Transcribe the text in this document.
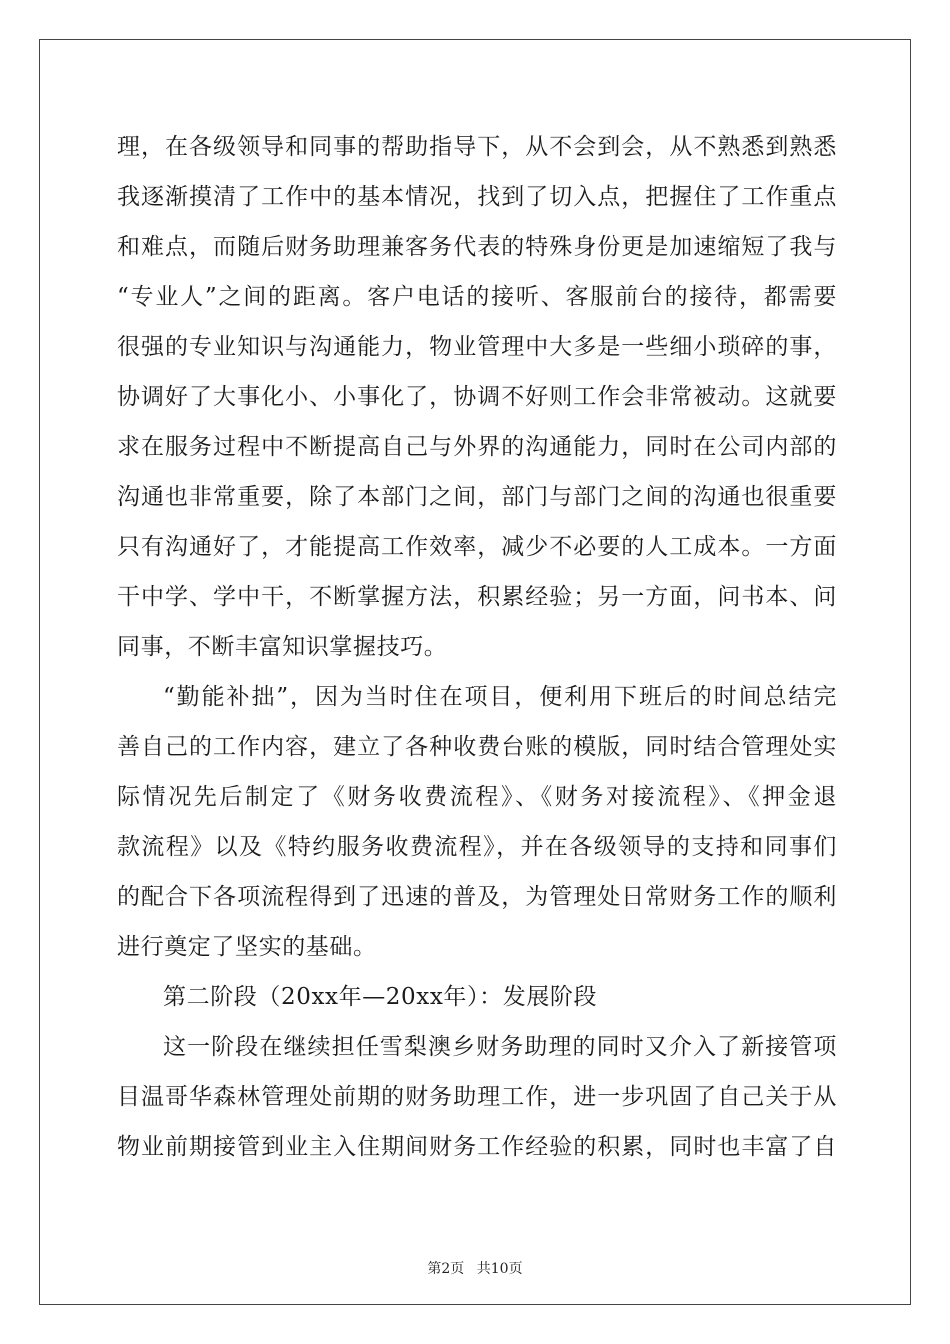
理，在各级领导和同事的帮助指导下，从不会到会，从不熟悉到熟悉
我逐渐摸清了工作中的基本情况，找到了切入点，把握住了工作重点
和难点，而随后财务助理兼客务代表的特殊身份更是加速缩短了我与
“专业人”之间的距离。客户电话的接听、客服前台的接待，都需要
很强的专业知识与沟通能力，物业管理中大多是一些细小琐碎的事，
协调好了大事化小、小事化了，协调不好则工作会非常被动。这就要
求在服务过程中不断提高自己与外界的沟通能力，同时在公司内部的
沟通也非常重要，除了本部门之间，部门与部门之间的沟通也很重要
只有沟通好了，才能提高工作效率，减少不必要的人工成本。一方面
干中学、学中干，不断掌握方法，积累经验；另一方面，问书本、问
同事，不断丰富知识掌握技巧。
“勤能补拙”，因为当时住在项目，便利用下班后的时间总结完
善自己的工作内容，建立了各种收费台账的模版，同时结合管理处实
际情况先后制定了《财务收费流程》、《财务对接流程》、《押金退
款流程》以及《特约服务收费流程》，并在各级领导的支持和同事们
的配合下各项流程得到了迅速的普及，为管理处日常财务工作的顺利
进行奠定了坚实的基础。
第二阶段（20xx年—20xx年）：发展阶段
这一阶段在继续担任雪梨澳乡财务助理的同时又介入了新接管项
目温哥华森林管理处前期的财务助理工作，进一步巩固了自己关于从
物业前期接管到业主入住期间财务工作经验的积累，同时也丰富了自
第2页 共10页
